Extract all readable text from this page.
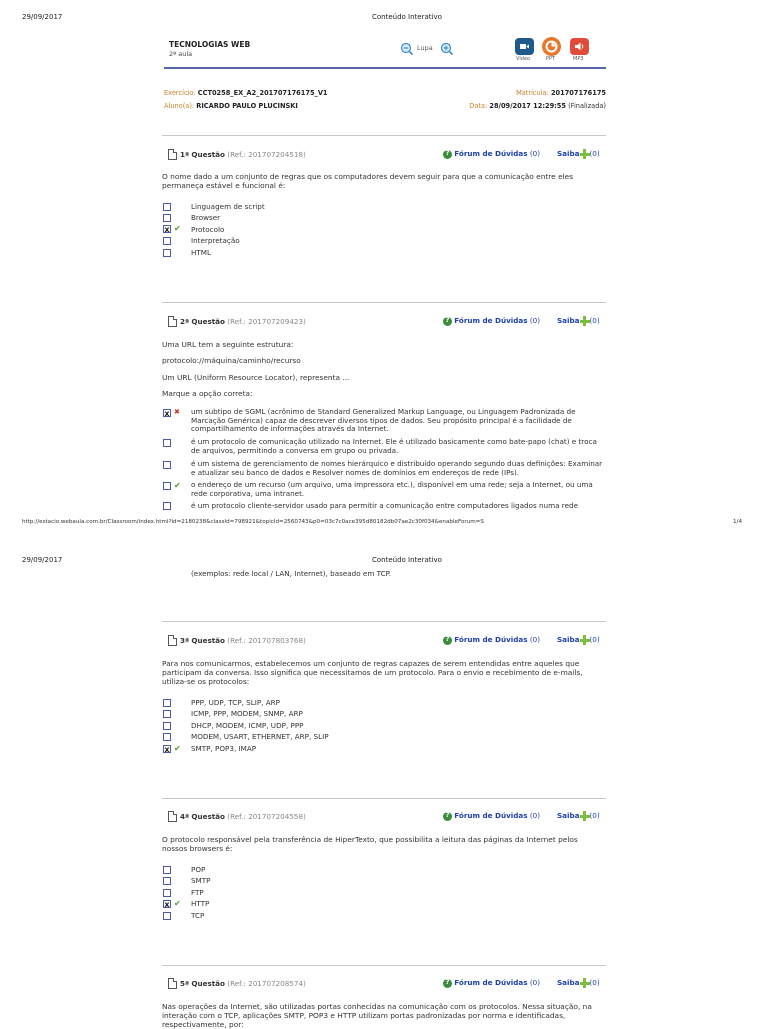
29/09/2017	Conteúdo Interativo
TECNOLOGIAS WEB
2ª aula
Lupa
Vídeo	PPT	MP3
Exercício: CCT0258_EX_A2_201707176175_V1	Matrícula: 201707176175
Aluno(a): RICARDO PAULO PLUCINSKI	Data: 28/09/2017 12:29:55 (Finalizada)
1ª Questão (Ref.: 201707204518) ?	Fórum de Dúvidas (0) Saiba (0)
O nome dado a um conjunto de regras que os computadores devem seguir para que a comunicação entre eles permaneça estável e funcional é:
Linguagem de script
Browser
x ✔ Protocolo
Interpretação
HTML
2ª Questão (Ref.: 201707209423) ?	Fórum de Dúvidas (0) Saiba (0)
Uma URL tem a seguinte estrutura:
protocolo://máquina/caminho/recurso
Um URL (Uniform Resource Locator), representa ...
Marque a opção correta:
x ✖ um subtipo de SGML (acrônimo de Standard Generalized Markup Language, ou Linguagem Padronizada de Marcação Genérica) capaz de descrever diversos tipos de dados. Seu propósito principal é a facilidade de compartilhamento de informações através da Internet.
é um protocolo de comunicação utilizado na Internet. Ele é utilizado basicamente como bate-papo (chat) e troca de arquivos, permitindo a conversa em grupo ou privada.
é um sistema de gerenciamento de nomes hierárquico e distribuído operando segundo duas definições: Examinar e atualizar seu banco de dados e Resolver nomes de domínios em endereços de rede (IPs).
✔ o endereço de um recurso (um arquivo, uma impressora etc.), disponível em uma rede; seja a Internet, ou uma rede corporativa, uma intranet.
é um protocolo cliente-servidor usado para permitir a comunicação entre computadores ligados numa rede
http://estacio.webaula.com.br/Classroom/index.html?id=2180238&classId=798921&topicId=2560743&p0=03c7c0ace395d80182db07ae2c30f034&enableForum=S	1/4
29/09/2017	Conteúdo Interativo
(exemplos: rede local / LAN, Internet), baseado em TCP.
3ª Questão (Ref.: 201707803768) ?	Fórum de Dúvidas (0) Saiba (0)
Para nos comunicarmos, estabelecemos um conjunto de regras capazes de serem entendidas entre aqueles que participam da conversa. Isso significa que necessitamos de um protocolo. Para o envio e recebimento de e-mails, utiliza-se os protocolos:
PPP, UDP, TCP, SLIP, ARP
ICMP, PPP, MODEM, SNMP, ARP
DHCP, MODEM, ICMP, UDP, PPP
MODEM, USART, ETHERNET, ARP, SLIP
x ✔ SMTP, POP3, IMAP
4ª Questão (Ref.: 201707204558) ?	Fórum de Dúvidas (0) Saiba (0)
O protocolo responsável pela transferência de HiperTexto, que possibilita a leitura das páginas da Internet pelos nossos browsers é:
POP
SMTP
FTP
x ✔ HTTP
TCP
5ª Questão (Ref.: 201707208574) ?	Fórum de Dúvidas (0) Saiba (0)
Nas operações da Internet, são utilizadas portas conhecidas na comunicação com os protocolos. Nessa situação, na interação com o TCP, aplicações SMTP, POP3 e HTTP utilizam portas padronizadas por norma e identificadas, respectivamente, por:
